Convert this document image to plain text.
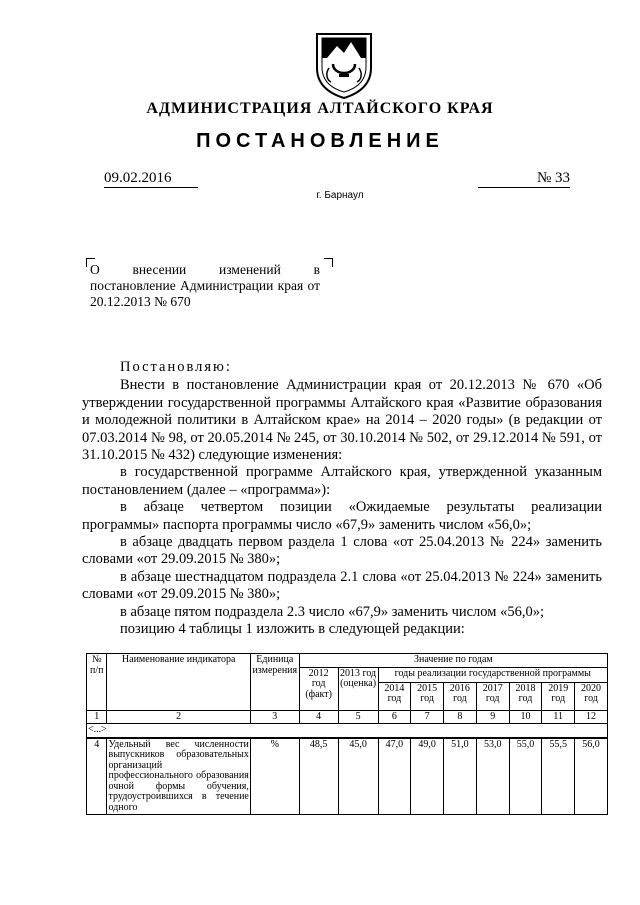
АДМИНИСТРАЦИЯ АЛТАЙСКОГО КРАЯ
ПОСТАНОВЛЕНИЕ
09.02.2016	№ 33
г. Барнаул
О внесении изменений в постановление Администрации края от 20.12.2013 № 670

Постановляю:

Внести в постановление Администрации края от 20.12.2013 № 670 «Об утверждении государственной программы Алтайского края «Развитие образования и молодежной политики в Алтайском крае» на 2014 – 2020 годы» (в редакции от 07.03.2014 № 98, от 20.05.2014 № 245, от 30.10.2014 № 502, от 29.12.2014 № 591, от 31.10.2015 № 432) следующие изменения:

в государственной программе Алтайского края, утвержденной указанным постановлением (далее – «программа»):

в абзаце четвертом позиции «Ожидаемые результаты реализации программы» паспорта программы число «67,9» заменить числом «56,0»;

в абзаце двадцать первом раздела 1 слова «от 25.04.2013 № 224» заменить словами «от 29.09.2015 № 380»;

в абзаце шестнадцатом подраздела 2.1 слова «от 25.04.2013 № 224» заменить словами «от 29.09.2015 № 380»;

в абзаце пятом подраздела 2.3 число «67,9» заменить числом «56,0»;

позицию 4 таблицы 1 изложить в следующей редакции:

№ п/п	Наименование индикатора	Единица измерения	Значение по годам								
			2012 год (факт)	2013 год (оценка)	годы реализации государственной программы						
					2014 год	2015 год	2016 год	2017 год	2018 год	2019 год	2020 год
1	2	3	4	5	6	7	8	9	10	11	12
<...>											
4	Удельный вес численности выпускников образовательных организаций профессионального образования очной формы обучения, трудоустроившихся в течение одного	%	48,5	45,0	47,0	49,0	51,0	53,0	55,0	55,5	56,0
